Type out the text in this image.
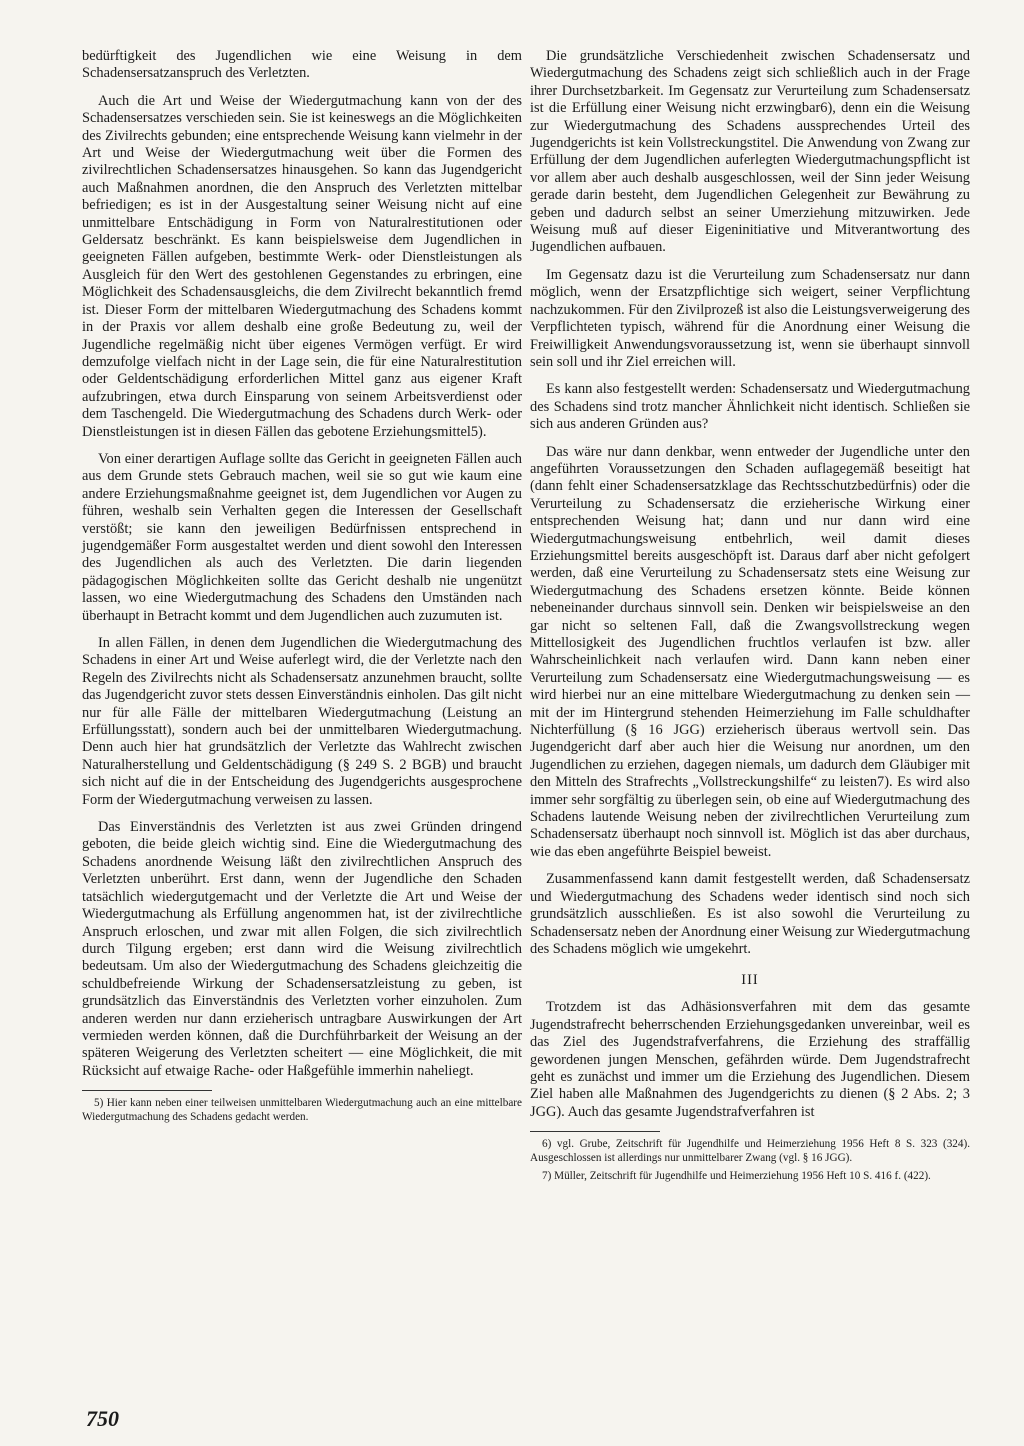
bedürftigkeit des Jugendlichen wie eine Weisung in dem Schadensersatzanspruch des Verletzten.

Auch die Art und Weise der Wiedergutmachung kann von der des Schadensersatzes verschieden sein. Sie ist keineswegs an die Möglichkeiten des Zivilrechts gebunden; eine entsprechende Weisung kann vielmehr in der Art und Weise der Wiedergutmachung weit über die Formen des zivilrechtlichen Schadensersatzes hinausgehen. So kann das Jugendgericht auch Maßnahmen anordnen, die den Anspruch des Verletzten mittelbar befriedigen; es ist in der Ausgestaltung seiner Weisung nicht auf eine unmittelbare Entschädigung in Form von Naturalrestitutionen oder Geldersatz beschränkt. Es kann beispielsweise dem Jugendlichen in geeigneten Fällen aufgeben, bestimmte Werk- oder Dienstleistungen als Ausgleich für den Wert des gestohlenen Gegenstandes zu erbringen, eine Möglichkeit des Schadensausgleichs, die dem Zivilrecht bekanntlich fremd ist. Dieser Form der mittelbaren Wiedergutmachung des Schadens kommt in der Praxis vor allem deshalb eine große Bedeutung zu, weil der Jugendliche regelmäßig nicht über eigenes Vermögen verfügt. Er wird demzufolge vielfach nicht in der Lage sein, die für eine Naturalrestitution oder Geldentschädigung erforderlichen Mittel ganz aus eigener Kraft aufzubringen, etwa durch Einsparung von seinem Arbeitsverdienst oder dem Taschengeld. Die Wiedergutmachung des Schadens durch Werk- oder Dienstleistungen ist in diesen Fällen das gebotene Erziehungsmittel5).

Von einer derartigen Auflage sollte das Gericht in geeigneten Fällen auch aus dem Grunde stets Gebrauch machen, weil sie so gut wie kaum eine andere Erziehungsmaßnahme geeignet ist, dem Jugendlichen vor Augen zu führen, weshalb sein Verhalten gegen die Interessen der Gesellschaft verstößt; sie kann den jeweiligen Bedürfnissen entsprechend in jugendgemäßer Form ausgestaltet werden und dient sowohl den Interessen des Jugendlichen als auch des Verletzten. Die darin liegenden pädagogischen Möglichkeiten sollte das Gericht deshalb nie ungenützt lassen, wo eine Wiedergutmachung des Schadens den Umständen nach überhaupt in Betracht kommt und dem Jugendlichen auch zuzumuten ist.

In allen Fällen, in denen dem Jugendlichen die Wiedergutmachung des Schadens in einer Art und Weise auferlegt wird, die der Verletzte nach den Regeln des Zivilrechts nicht als Schadensersatz anzunehmen braucht, sollte das Jugendgericht zuvor stets dessen Einverständnis einholen. Das gilt nicht nur für alle Fälle der mittelbaren Wiedergutmachung (Leistung an Erfüllungsstatt), sondern auch bei der unmittelbaren Wiedergutmachung. Denn auch hier hat grundsätzlich der Verletzte das Wahlrecht zwischen Naturalherstellung und Geldentschädigung (§ 249 S. 2 BGB) und braucht sich nicht auf die in der Entscheidung des Jugendgerichts ausgesprochene Form der Wiedergutmachung verweisen zu lassen.

Das Einverständnis des Verletzten ist aus zwei Gründen dringend geboten, die beide gleich wichtig sind. Eine die Wiedergutmachung des Schadens anordnende Weisung läßt den zivilrechtlichen Anspruch des Verletzten unberührt. Erst dann, wenn der Jugendliche den Schaden tatsächlich wiedergutgemacht und der Verletzte die Art und Weise der Wiedergutmachung als Erfüllung angenommen hat, ist der zivilrechtliche Anspruch erloschen, und zwar mit allen Folgen, die sich zivilrechtlich durch Tilgung ergeben; erst dann wird die Weisung zivilrechtlich bedeutsam. Um also der Wiedergutmachung des Schadens gleichzeitig die schuldbefreiende Wirkung der Schadensersatzleistung zu geben, ist grundsätzlich das Einverständnis des Verletzten vorher einzuholen. Zum anderen werden nur dann erzieherisch untragbare Auswirkungen der Art vermieden werden können, daß die Durchführbarkeit der Weisung an der späteren Weigerung des Verletzten scheitert — eine Möglichkeit, die mit Rücksicht auf etwaige Rache- oder Haßgefühle immerhin naheliegt.

5) Hier kann neben einer teilweisen unmittelbaren Wiedergutmachung auch an eine mittelbare Wiedergutmachung des Schadens gedacht werden.

Die grundsätzliche Verschiedenheit zwischen Schadensersatz und Wiedergutmachung des Schadens zeigt sich schließlich auch in der Frage ihrer Durchsetzbarkeit. Im Gegensatz zur Verurteilung zum Schadensersatz ist die Erfüllung einer Weisung nicht erzwingbar6), denn ein die Weisung zur Wiedergutmachung des Schadens aussprechendes Urteil des Jugendgerichts ist kein Vollstreckungstitel. Die Anwendung von Zwang zur Erfüllung der dem Jugendlichen auferlegten Wiedergutmachungspflicht ist vor allem aber auch deshalb ausgeschlossen, weil der Sinn jeder Weisung gerade darin besteht, dem Jugendlichen Gelegenheit zur Bewährung zu geben und dadurch selbst an seiner Umerziehung mitzuwirken. Jede Weisung muß auf dieser Eigeninitiative und Mitverantwortung des Jugendlichen aufbauen.

Im Gegensatz dazu ist die Verurteilung zum Schadensersatz nur dann möglich, wenn der Ersatzpflichtige sich weigert, seiner Verpflichtung nachzukommen. Für den Zivilprozeß ist also die Leistungsverweigerung des Verpflichteten typisch, während für die Anordnung einer Weisung die Freiwilligkeit Anwendungsvoraussetzung ist, wenn sie überhaupt sinnvoll sein soll und ihr Ziel erreichen will.

Es kann also festgestellt werden: Schadensersatz und Wiedergutmachung des Schadens sind trotz mancher Ähnlichkeit nicht identisch. Schließen sie sich aus anderen Gründen aus?

Das wäre nur dann denkbar, wenn entweder der Jugendliche unter den angeführten Voraussetzungen den Schaden auflagegemäß beseitigt hat (dann fehlt einer Schadensersatzklage das Rechtsschutzbedürfnis) oder die Verurteilung zu Schadensersatz die erzieherische Wirkung einer entsprechenden Weisung hat; dann und nur dann wird eine Wiedergutmachungsweisung entbehrlich, weil damit dieses Erziehungsmittel bereits ausgeschöpft ist. Daraus darf aber nicht gefolgert werden, daß eine Verurteilung zu Schadensersatz stets eine Weisung zur Wiedergutmachung des Schadens ersetzen könnte. Beide können nebeneinander durchaus sinnvoll sein. Denken wir beispielsweise an den gar nicht so seltenen Fall, daß die Zwangsvollstreckung wegen Mittellosigkeit des Jugendlichen fruchtlos verlaufen ist bzw. aller Wahrscheinlichkeit nach verlaufen wird. Dann kann neben einer Verurteilung zum Schadensersatz eine Wiedergutmachungsweisung — es wird hierbei nur an eine mittelbare Wiedergutmachung zu denken sein — mit der im Hintergrund stehenden Heimerziehung im Falle schuldhafter Nichterfüllung (§ 16 JGG) erzieherisch überaus wertvoll sein. Das Jugendgericht darf aber auch hier die Weisung nur anordnen, um den Jugendlichen zu erziehen, dagegen niemals, um dadurch dem Gläubiger mit den Mitteln des Strafrechts „Vollstreckungshilfe“ zu leisten7). Es wird also immer sehr sorgfältig zu überlegen sein, ob eine auf Wiedergutmachung des Schadens lautende Weisung neben der zivilrechtlichen Verurteilung zum Schadensersatz überhaupt noch sinnvoll ist. Möglich ist das aber durchaus, wie das eben angeführte Beispiel beweist.

Zusammenfassend kann damit festgestellt werden, daß Schadensersatz und Wiedergutmachung des Schadens weder identisch sind noch sich grundsätzlich ausschließen. Es ist also sowohl die Verurteilung zu Schadensersatz neben der Anordnung einer Weisung zur Wiedergutmachung des Schadens möglich wie umgekehrt.

III

Trotzdem ist das Adhäsionsverfahren mit dem das gesamte Jugendstrafrecht beherrschenden Erziehungsgedanken unvereinbar, weil es das Ziel des Jugendstrafverfahrens, die Erziehung des straffällig gewordenen jungen Menschen, gefährden würde. Dem Jugendstrafrecht geht es zunächst und immer um die Erziehung des Jugendlichen. Diesem Ziel haben alle Maßnahmen des Jugendgerichts zu dienen (§ 2 Abs. 2; 3 JGG). Auch das gesamte Jugendstrafverfahren ist

6) vgl. Grube, Zeitschrift für Jugendhilfe und Heimerziehung 1956 Heft 8 S. 323 (324). Ausgeschlossen ist allerdings nur unmittelbarer Zwang (vgl. § 16 JGG).

7) Müller, Zeitschrift für Jugendhilfe und Heimerziehung 1956 Heft 10 S. 416 f. (422).

750
